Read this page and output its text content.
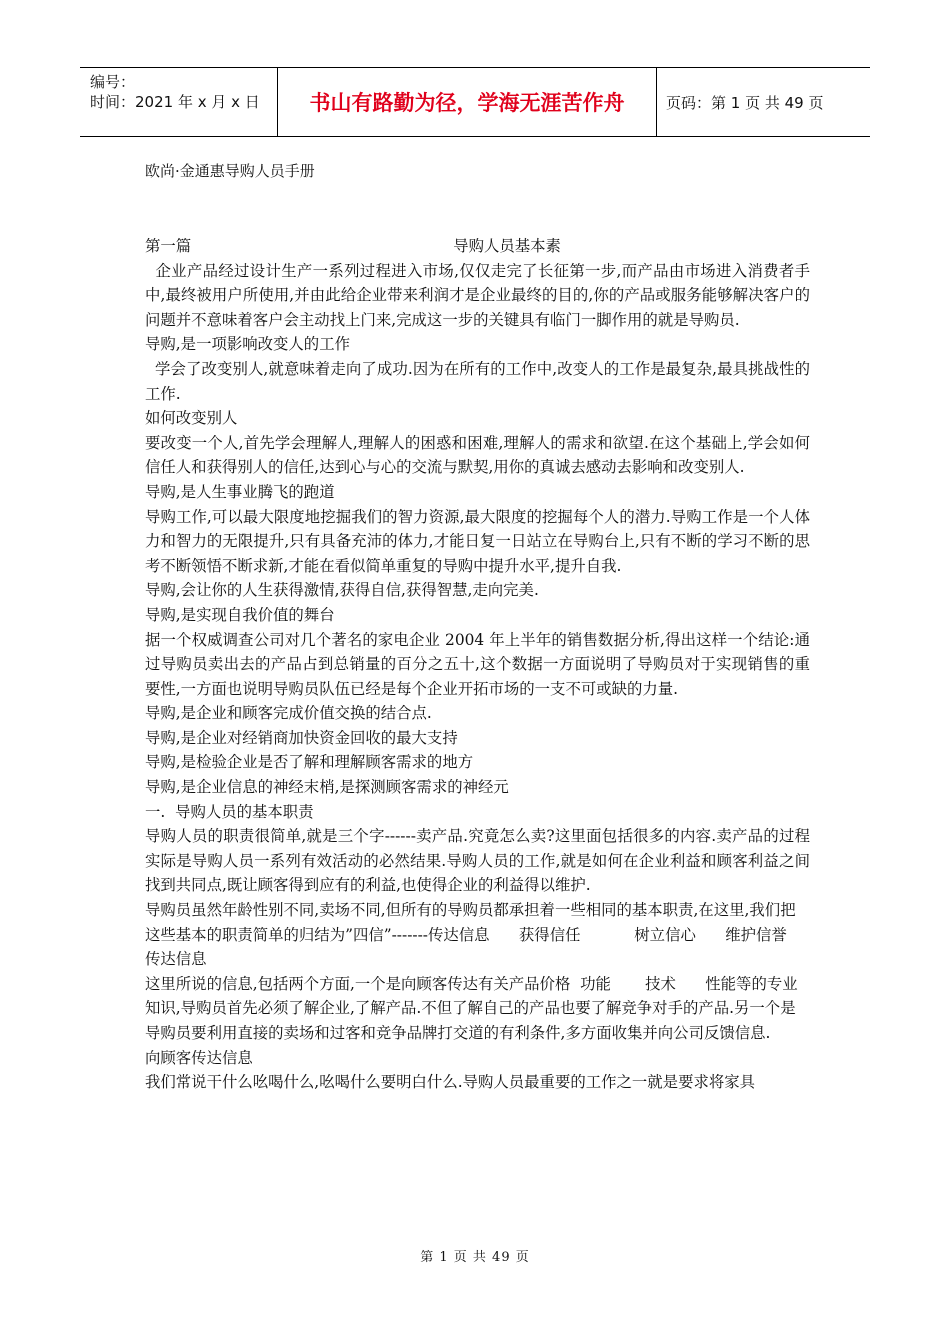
编号：
时间：2021 年 x 月 x 日	书山有路勤为径，学海无涯苦作舟	页码：第 1 页 共 49 页
欧尚·金通惠导购人员手册
第一篇	导购人员基本素

企业产品经过设计生产一系列过程进入市场,仅仅走完了长征第一步,而产品由市场进入消费者手中,最终被用户所使用,并由此给企业带来利润才是企业最终的目的,你的产品或服务能够解决客户的问题并不意味着客户会主动找上门来,完成这一步的关键具有临门一脚作用的就是导购员.

导购,是一项影响改变人的工作

学会了改变别人,就意味着走向了成功.因为在所有的工作中,改变人的工作是最复杂,最具挑战性的工作.

如何改变别人

要改变一个人,首先学会理解人,理解人的困惑和困难,理解人的需求和欲望.在这个基础上,学会如何信任人和获得别人的信任,达到心与心的交流与默契,用你的真诚去感动去影响和改变别人.

导购,是人生事业腾飞的跑道

导购工作,可以最大限度地挖掘我们的智力资源,最大限度的挖掘每个人的潜力.导购工作是一个人体力和智力的无限提升,只有具备充沛的体力,才能日复一日站立在导购台上,只有不断的学习不断的思考不断领悟不断求新,才能在看似简单重复的导购中提升水平,提升自我.

导购,会让你的人生获得激情,获得自信,获得智慧,走向完美.

导购,是实现自我价值的舞台

据一个权威调查公司对几个著名的家电企业 2004 年上半年的销售数据分析,得出这样一个结论:通过导购员卖出去的产品占到总销量的百分之五十,这个数据一方面说明了导购员对于实现销售的重要性,一方面也说明导购员队伍已经是每个企业开拓市场的一支不可或缺的力量.

导购,是企业和顾客完成价值交换的结合点.

导购,是企业对经销商加快资金回收的最大支持

导购,是检验企业是否了解和理解顾客需求的地方

导购,是企业信息的神经末梢,是探测顾客需求的神经元

一.  导购人员的基本职责

导购人员的职责很简单,就是三个字------卖产品.究竟怎么卖?这里面包括很多的内容.卖产品的过程实际是导购人员一系列有效活动的必然结果.导购人员的工作,就是如何在企业利益和顾客利益之间找到共同点,既让顾客得到应有的利益,也使得企业的利益得以维护.

导购员虽然年龄性别不同,卖场不同,但所有的导购员都承担着一些相同的基本职责,在这里,我们把这些基本的职责简单的归结为”四信”-------传达信息      获得信任           树立信心      维护信誉

传达信息

这里所说的信息,包括两个方面,一个是向顾客传达有关产品价格  功能       技术      性能等的专业知识,导购员首先必须了解企业,了解产品.不但了解自己的产品也要了解竞争对手的产品.另一个是导购员要利用直接的卖场和过客和竞争品牌打交道的有利条件,多方面收集并向公司反馈信息.

向顾客传达信息

我们常说干什么吆喝什么,吆喝什么要明白什么.导购人员最重要的工作之一就是要求将家具

第 1 页 共 49 页
